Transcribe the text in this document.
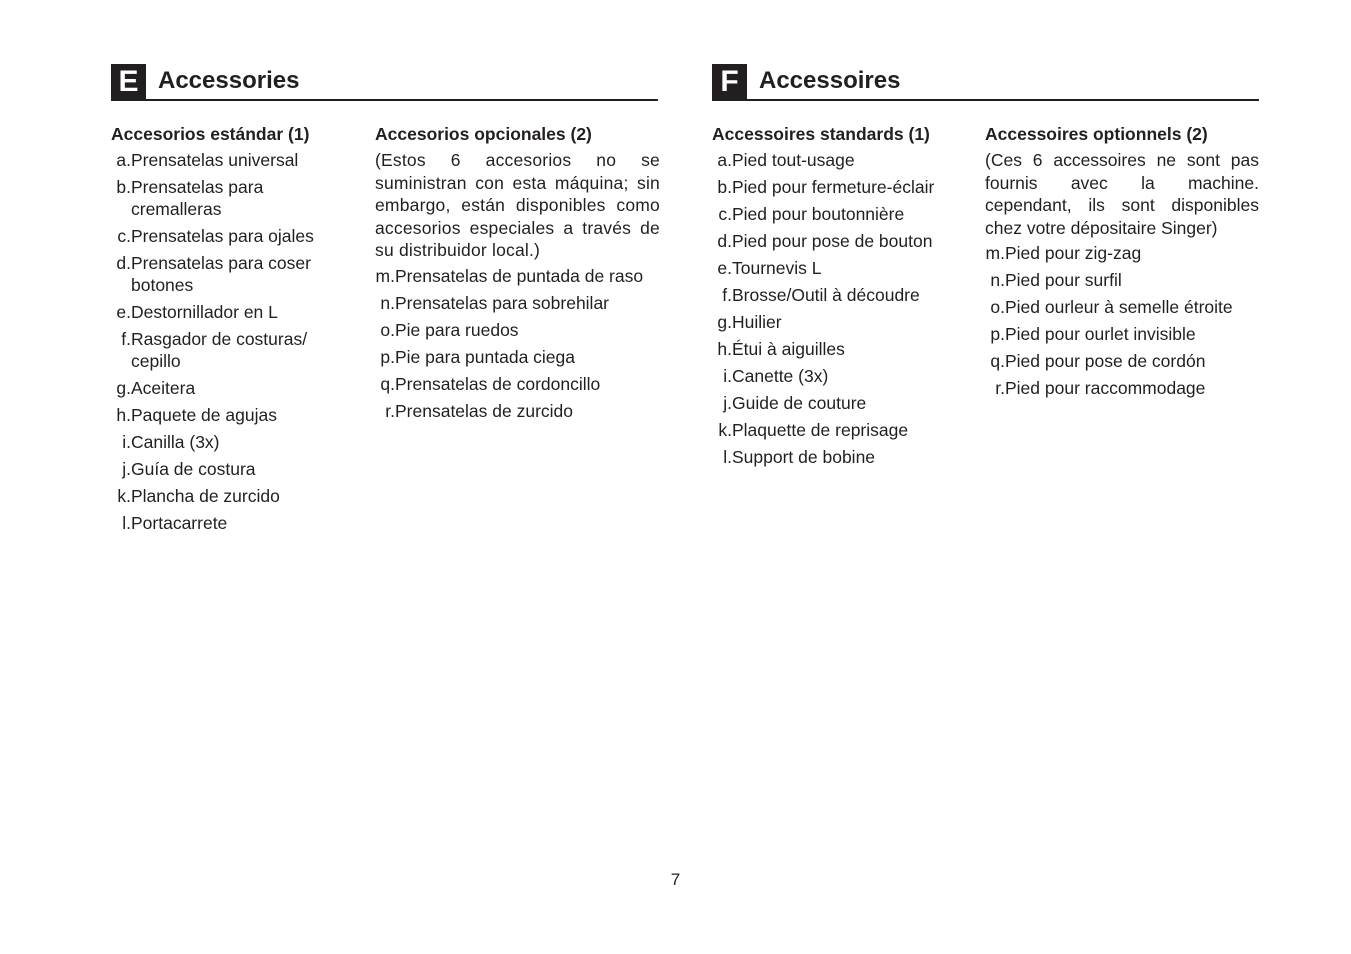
E Accessories
Accesorios estándar (1)
a. Prensatelas universal
b. Prensatelas para cremalleras
c. Prensatelas para ojales
d. Prensatelas para coser botones
e. Destornillador en L
f. Rasgador de costuras/ cepillo
g. Aceitera
h. Paquete de agujas
i. Canilla (3x)
j. Guía de costura
k. Plancha de zurcido
l. Portacarrete
Accesorios opcionales (2)

(Estos 6 accesorios no se suministran con esta máquina; sin embargo, están disponibles como accesorios especiales a través de su distribuidor local.)

m. Prensatelas de puntada de raso
n. Prensatelas para sobrehilar
o. Pie para ruedos
p. Pie para puntada ciega
q. Prensatelas de cordoncillo
r. Prensatelas de zurcido
F Accessoires
Accessoires standards (1)
a. Pied tout-usage
b. Pied pour fermeture-éclair
c. Pied pour boutonnière
d. Pied pour pose de bouton
e. Tournevis L
f. Brosse/Outil à découdre
g. Huilier
h. Étui à aiguilles
i. Canette (3x)
j. Guide de couture
k. Plaquette de reprisage
l. Support de bobine
Accessoires optionnels (2)

(Ces 6 accessoires ne sont pas fournis avec la machine. cependant, ils sont disponibles chez votre dépositaire Singer)

m. Pied pour zig-zag
n. Pied pour surfil
o. Pied ourleur à semelle étroite
p. Pied pour ourlet invisible
q. Pied pour pose de cordón
r. Pied pour raccommodage
7
